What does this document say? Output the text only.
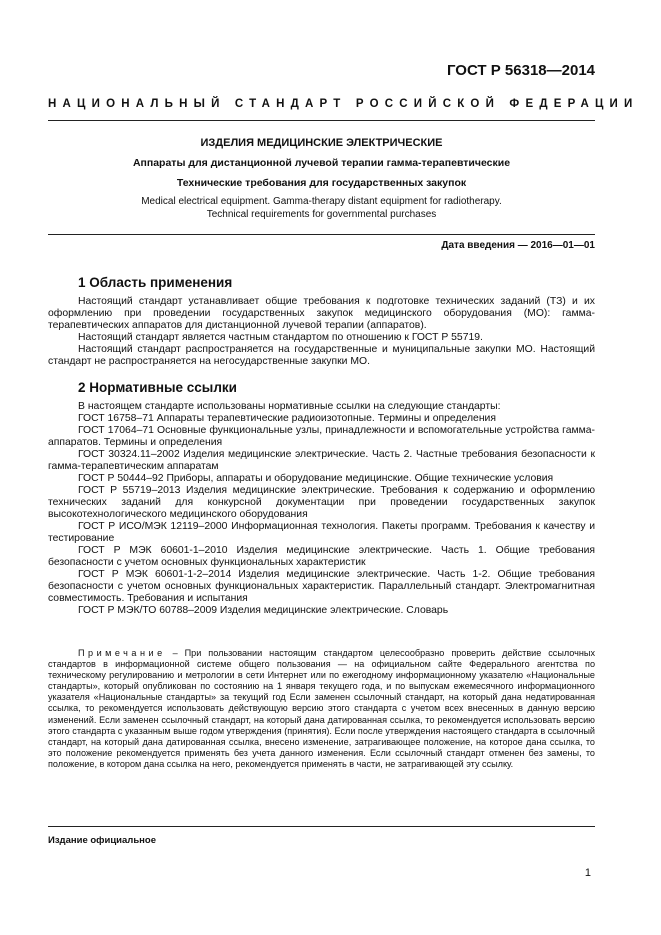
ГОСТ Р 56318—2014
НАЦИОНАЛЬНЫЙ СТАНДАРТ РОССИЙСКОЙ ФЕДЕРАЦИИ
ИЗДЕЛИЯ МЕДИЦИНСКИЕ ЭЛЕКТРИЧЕСКИЕ
Аппараты для дистанционной лучевой терапии гамма-терапевтические
Технические требования для государственных закупок
Medical electrical equipment. Gamma-therapy distant equipment for radiotherapy.
Technical requirements for governmental purchases
Дата введения — 2016—01—01
1 Область применения

Настоящий стандарт устанавливает общие требования к подготовке технических заданий (ТЗ) и их оформлению при проведении государственных закупок медицинского оборудования (МО): гамма-терапевтических аппаратов для дистанционной лучевой терапии (аппаратов).

Настоящий стандарт является частным стандартом по отношению к ГОСТ Р 55719.

Настоящий стандарт распространяется на государственные и муниципальные закупки МО. Настоящий стандарт не распространяется на негосударственные закупки МО.

2 Нормативные ссылки

В настоящем стандарте использованы нормативные ссылки на следующие стандарты:

ГОСТ 16758–71 Аппараты терапевтические радиоизотопные. Термины и определения

ГОСТ 17064–71 Основные функциональные узлы, принадлежности и вспомогательные устройства гамма-аппаратов. Термины и определения

ГОСТ 30324.11–2002 Изделия медицинские электрические. Часть 2. Частные требования безопасности к гамма-терапевтическим аппаратам

ГОСТ Р 50444–92 Приборы, аппараты и оборудование медицинские. Общие технические условия

ГОСТ Р 55719–2013 Изделия медицинские электрические. Требования к содержанию и оформлению технических заданий для конкурсной документации при проведении государственных закупок высокотехнологического медицинского оборудования

ГОСТ Р ИСО/МЭК 12119–2000 Информационная технология. Пакеты программ. Требования к качеству и тестирование

ГОСТ Р МЭК 60601-1–2010 Изделия медицинские электрические. Часть 1. Общие требования безопасности с учетом основных функциональных характеристик

ГОСТ Р МЭК 60601-1-2–2014 Изделия медицинские электрические. Часть 1-2. Общие требования безопасности с учетом основных функциональных характеристик. Параллельный стандарт. Электромагнитная совместимость. Требования и испытания

ГОСТ Р МЭК/ТО 60788–2009 Изделия медицинские электрические. Словарь

Примечание – При пользовании настоящим стандартом целесообразно проверить действие ссылочных стандартов в информационной системе общего пользования — на официальном сайте Федерального агентства по техническому регулированию и метрологии в сети Интернет или по ежегодному информационному указателю «Национальные стандарты», который опубликован по состоянию на 1 января текущего года, и по выпускам ежемесячного информационного указателя «Национальные стандарты» за текущий год Если заменен ссылочный стандарт, на который дана недатированная ссылка, то рекомендуется использовать действующую версию этого стандарта с учетом всех внесенных в данную версию изменений. Если заменен ссылочный стандарт, на который дана датированная ссылка, то рекомендуется использовать версию этого стандарта с указанным выше годом утверждения (принятия). Если после утверждения настоящего стандарта в ссылочный стандарт, на который дана датированная ссылка, внесено изменение, затрагивающее положение, на которое дана ссылка, то это положение рекомендуется применять без учета данного изменения. Если ссылочный стандарт отменен без замены, то положение, в котором дана ссылка на него, рекомендуется применять в части, не затрагивающей эту ссылку.

Издание официальное
1
